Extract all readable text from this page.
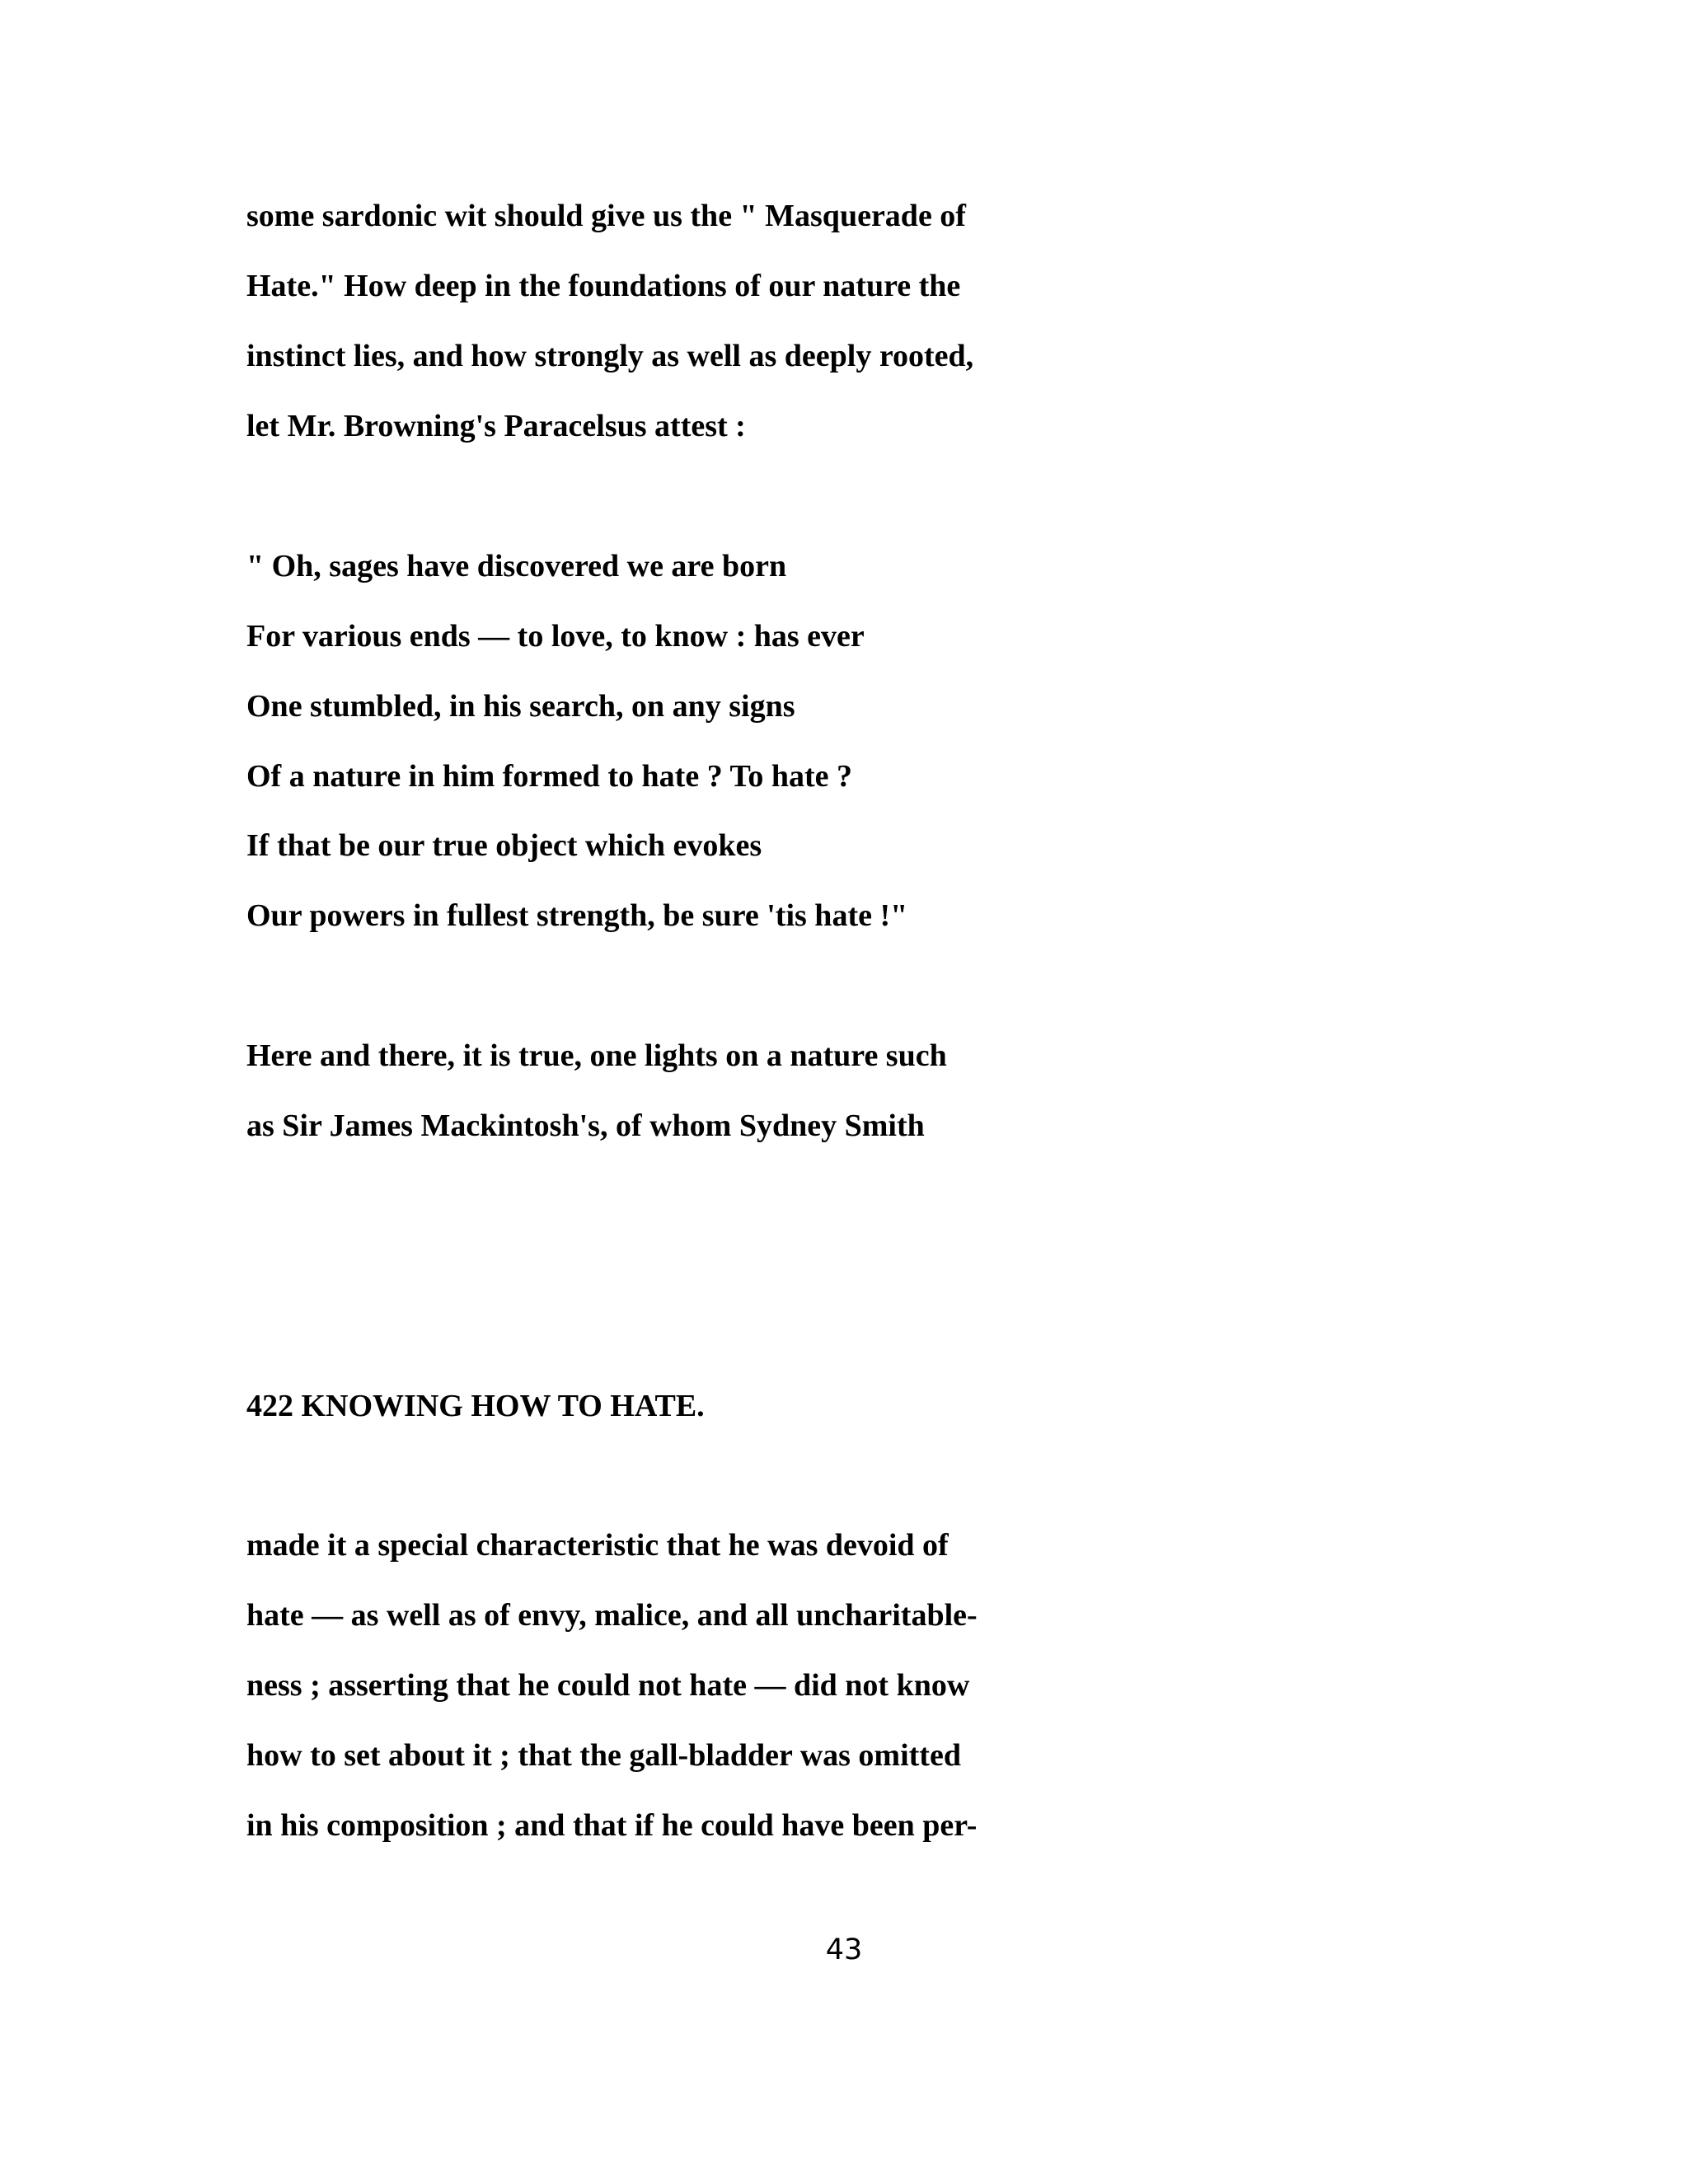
some sardonic wit should give us the " Masquerade of

Hate." How deep in the foundations of our nature the

instinct lies, and how strongly as well as deeply rooted,

let Mr. Browning's Paracelsus attest :

" Oh, sages have discovered we are born

For various ends — to love, to know : has ever

One stumbled, in his search, on any signs

Of a nature in him formed to hate ? To hate ?

If that be our true object which evokes

Our powers in fullest strength, be sure 'tis hate !"

Here and there, it is true, one lights on a nature such

as Sir James Mackintosh's, of whom Sydney Smith

422 KNOWING HOW TO HATE.

made it a special characteristic that he was devoid of

hate — as well as of envy, malice, and all uncharitable-

ness ; asserting that he could not hate — did not know

how to set about it ; that the gall-bladder was omitted

in his composition ; and that if he could have been per-

43
